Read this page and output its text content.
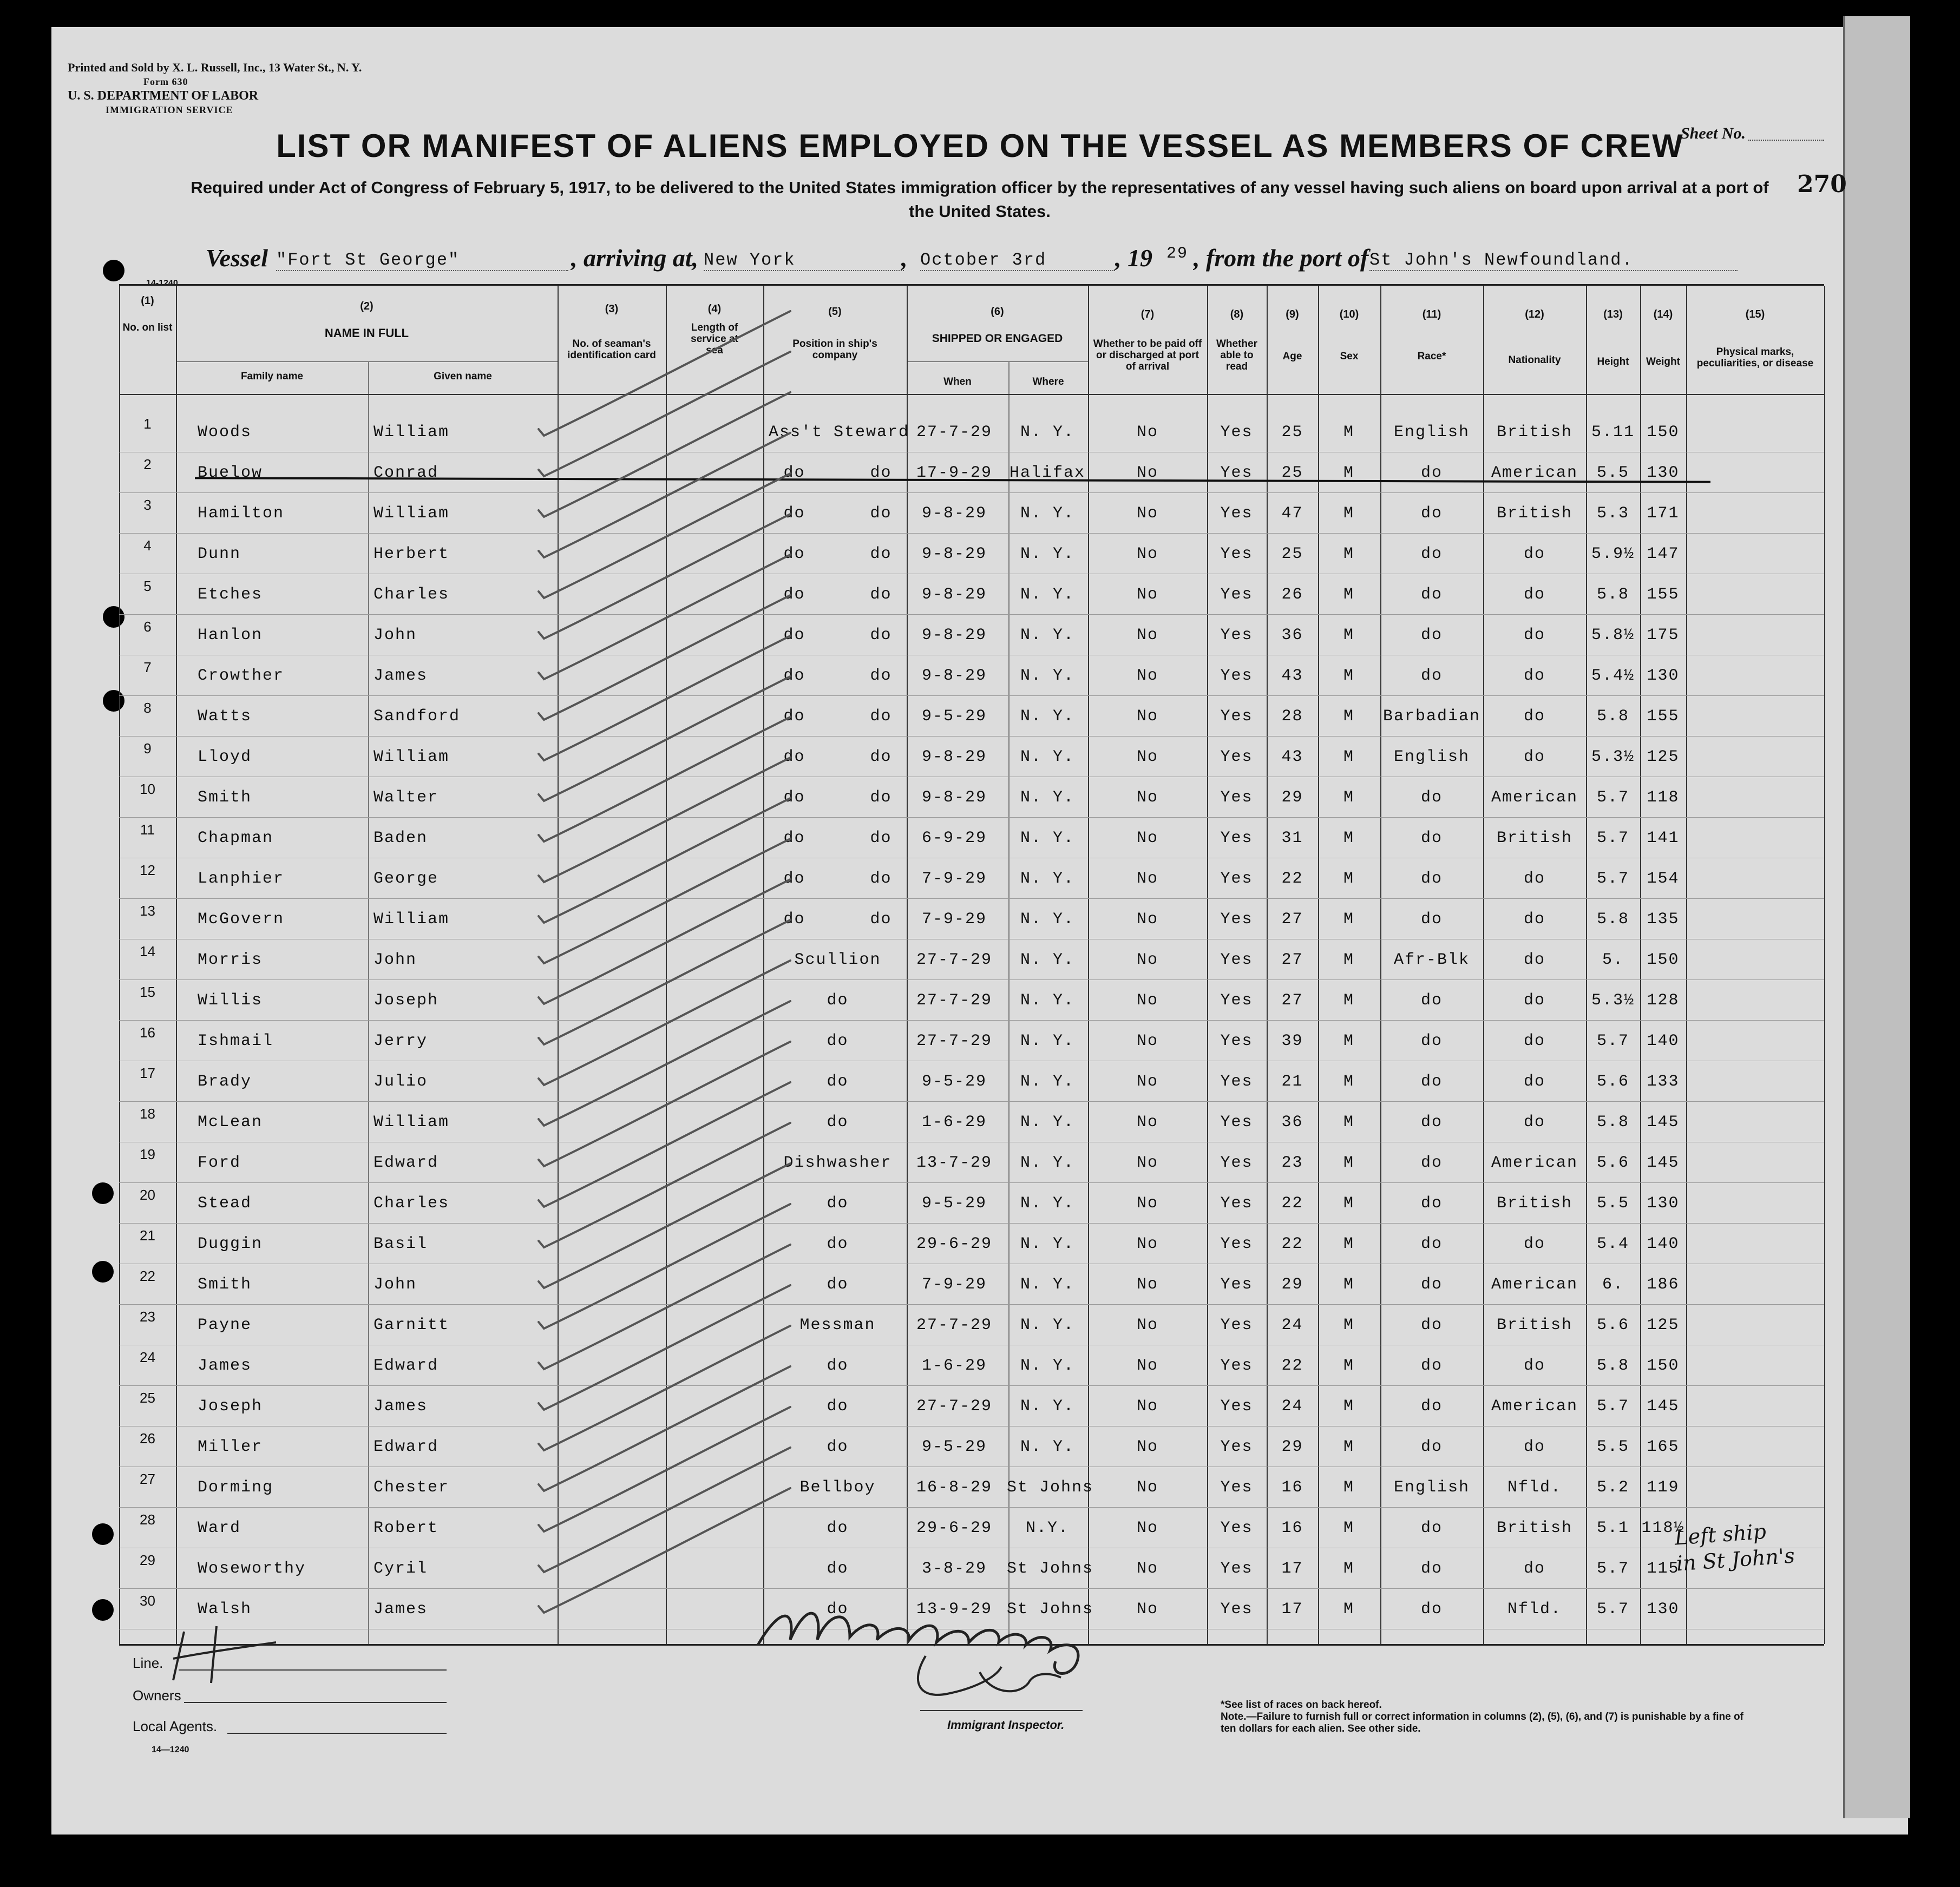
Printed and Sold by X. L. Russell, Inc., 13 Water St., N. Y.
Form 630
U. S. DEPARTMENT OF LABOR
IMMIGRATION SERVICE
LIST OR MANIFEST OF ALIENS EMPLOYED ON THE VESSEL AS MEMBERS OF CREW
Required under Act of Congress of February 5, 1917, to be delivered to the United States immigration officer by the representatives of any vessel having such aliens on board upon arrival at a port of the United States.
Sheet No.
270
Vessel "Fort St George"	, arriving at, New York	, October 3rd	, 19 29 , from the port of St John's Newfoundland.
14-1240
(1)
No. on list
(2)
NAME IN FULL
Family name	Given name
(3)
No. of seaman's identification card
(4)
Length of service at sea
(5)
Position in ship's company
(6)
SHIPPED OR ENGAGED
When	Where
(7)
Whether to be paid off or discharged at port of arrival
(8)
Whether able to read
(9)
Age
(10)
Sex
(11)
Race*
(12)
Nationality
(13)
Height
(14)
Weight
(15)
Physical marks, peculiarities, or disease
1	Woods	William	Ass't Steward 27-7-29	N. Y.	No	Yes	25	M	English	British	5.11 150
2	Buelow	Conrad	do      do	17-9-29	Halifax	No	Yes	25	M	do	American	5.5	130
3	Hamilton	William	do      do	9-8-29	N. Y.	No	Yes	47	M	do	British	5.3	171
4	Dunn	Herbert	do      do	9-8-29	N. Y.	No	Yes	25	M	do	do	5.9½ 147
5	Etches	Charles	do      do	9-8-29	N. Y.	No	Yes	26	M	do	do	5.8	155
6	Hanlon	John	do      do	9-8-29	N. Y.	No	Yes	36	M	do	do	5.8½ 175
7	Crowther	James	do      do	9-8-29	N. Y.	No	Yes	43	M	do	do	5.4½ 130
8	Watts	Sandford	do      do	9-5-29	N. Y.	No	Yes	28	M	Barbadian	do	5.8	155
9	Lloyd	William	do      do	9-8-29	N. Y.	No	Yes	43	M	English	do	5.3½ 125
10	Smith	Walter	do      do	9-8-29	N. Y.	No	Yes	29	M	do	American	5.7	118
11	Chapman	Baden	do      do	6-9-29	N. Y.	No	Yes	31	M	do	British	5.7	141
12	Lanphier	George	do      do	7-9-29	N. Y.	No	Yes	22	M	do	do	5.7	154
13	McGovern	William	do      do	7-9-29	N. Y.	No	Yes	27	M	do	do	5.8	135
14	Morris	John	Scullion	27-7-29	N. Y.	No	Yes	27	M	Afr-Blk	do	5.	150
15	Willis	Joseph	do	27-7-29	N. Y.	No	Yes	27	M	do	do	5.3½ 128
16	Ishmail	Jerry	do	27-7-29	N. Y.	No	Yes	39	M	do	do	5.7	140
17	Brady	Julio	do	9-5-29	N. Y.	No	Yes	21	M	do	do	5.6	133
18	McLean	William	do	1-6-29	N. Y.	No	Yes	36	M	do	do	5.8	145
19	Ford	Edward	Dishwasher	13-7-29	N. Y.	No	Yes	23	M	do	American	5.6	145
20	Stead	Charles	do	9-5-29	N. Y.	No	Yes	22	M	do	British	5.5	130
21	Duggin	Basil	do	29-6-29	N. Y.	No	Yes	22	M	do	do	5.4	140
22	Smith	John	do	7-9-29	N. Y.	No	Yes	29	M	do	American	6.	186
23	Payne	Garnitt	Messman	27-7-29	N. Y.	No	Yes	24	M	do	British	5.6	125
24	James	Edward	do	1-6-29	N. Y.	No	Yes	22	M	do	do	5.8	150
25	Joseph	James	do	27-7-29	N. Y.	No	Yes	24	M	do	American	5.7	145
26	Miller	Edward	do	9-5-29	N. Y.	No	Yes	29	M	do	do	5.5	165
27	Dorming	Chester	Bellboy	16-8-29 St Johns	No	Yes	16	M	English	Nfld.	5.2	119
28	Ward	Robert	do	29-6-29	N.Y.	No	Yes	16	M	do	British	5.1 118½
29	Woseworthy	Cyril	do	3-8-29	St Johns	No	Yes	17	M	do	do	5.7	115
30	Walsh	James	do	13-9-29 St Johns	No	Yes	17	M	do	Nfld.	5.7	130
Left ship
in St John's
Line.
Owners
Local Agents.
14—1240
Immigrant Inspector.
*See list of races on back hereof.
Note.—Failure to furnish full or correct information in columns (2), (5), (6), and (7) is punishable by a fine of ten dollars for each alien. See other side.
